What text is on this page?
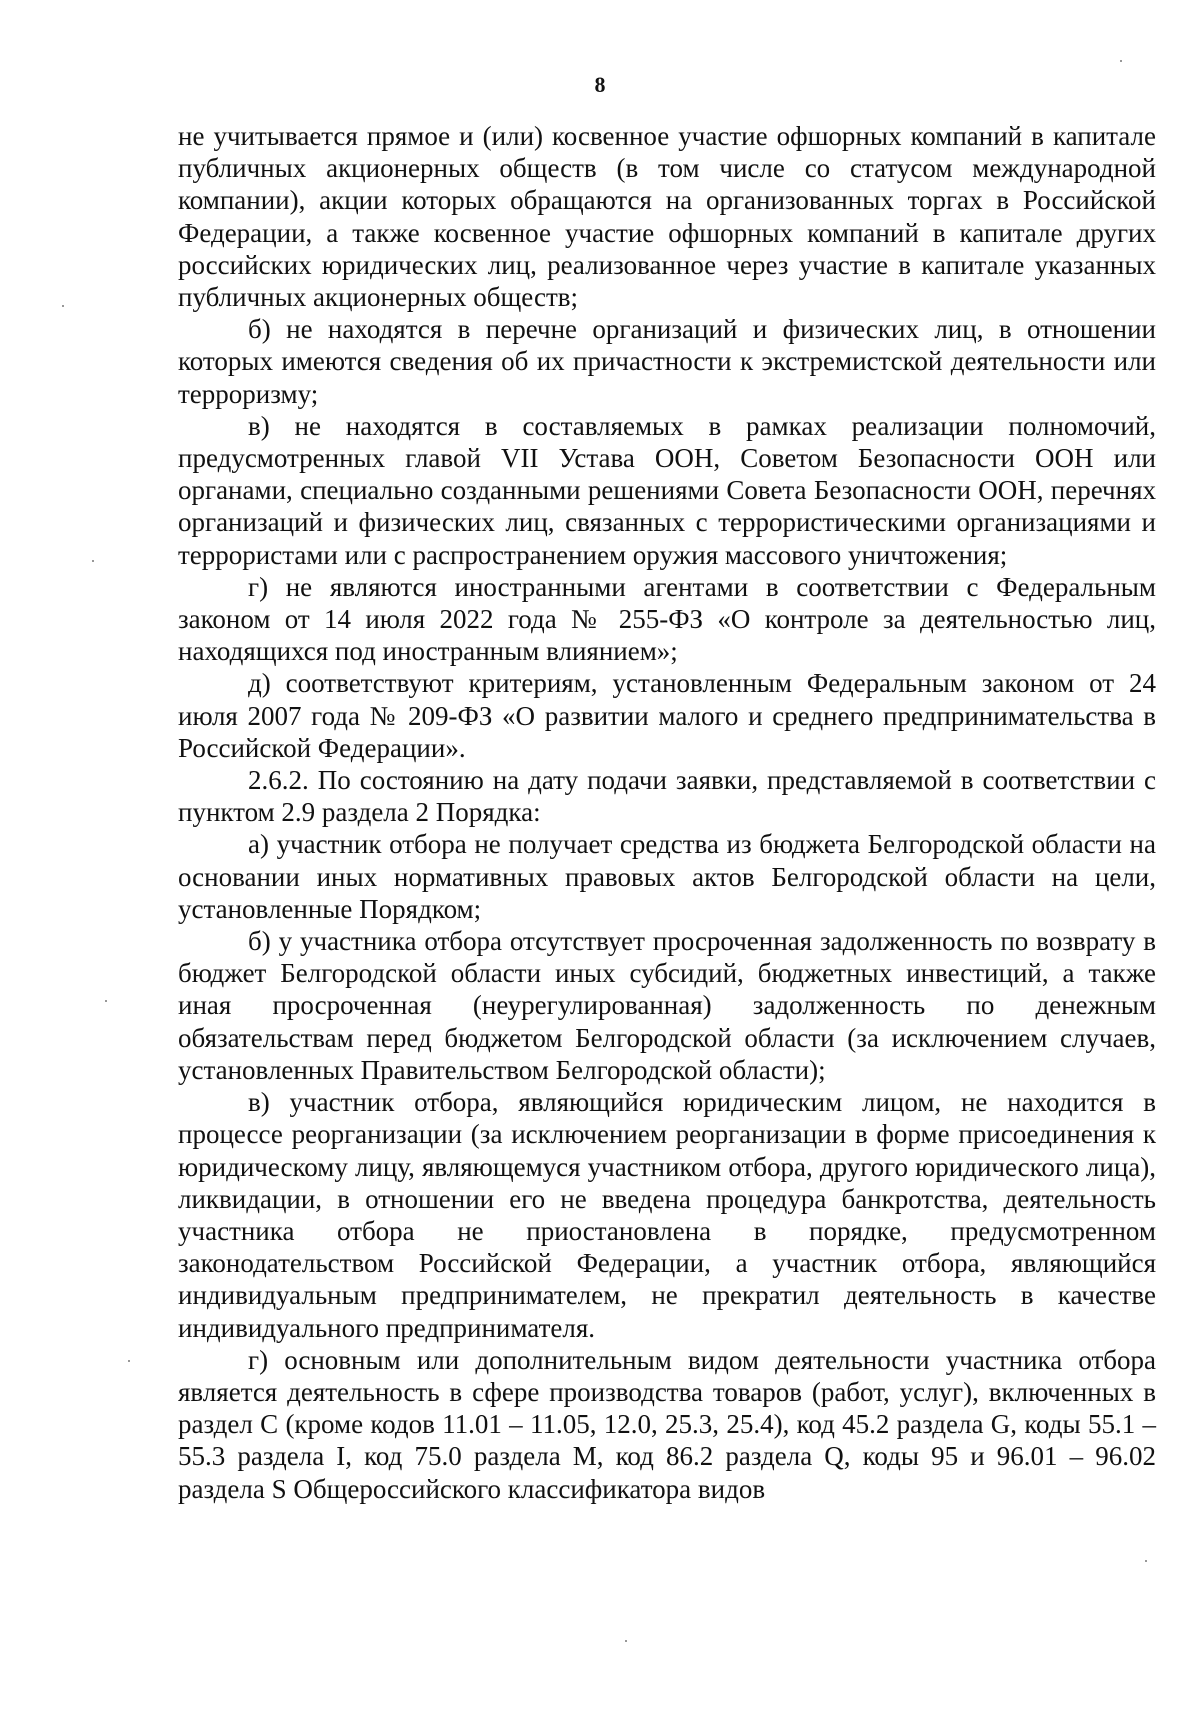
8

не учитывается прямое и (или) косвенное участие офшорных компаний в капитале публичных акционерных обществ (в том числе со статусом международной компании), акции которых обращаются на организованных торгах в Российской Федерации, а также косвенное участие офшорных компаний в капитале других российских юридических лиц, реализованное через участие в капитале указанных публичных акционерных обществ;

б) не находятся в перечне организаций и физических лиц, в отношении которых имеются сведения об их причастности к экстремистской деятельности или терроризму;

в) не находятся в составляемых в рамках реализации полномочий, предусмотренных главой VII Устава ООН, Советом Безопасности ООН или органами, специально созданными решениями Совета Безопасности ООН, перечнях организаций и физических лиц, связанных с террористическими организациями и террористами или с распространением оружия массового уничтожения;

г) не являются иностранными агентами в соответствии с Федеральным законом от 14 июля 2022 года № 255-ФЗ «О контроле за деятельностью лиц, находящихся под иностранным влиянием»;

д) соответствуют критериям, установленным Федеральным законом от 24 июля 2007 года № 209-ФЗ «О развитии малого и среднего предпринимательства в Российской Федерации».

2.6.2. По состоянию на дату подачи заявки, представляемой в соответствии с пунктом 2.9 раздела 2 Порядка:

а) участник отбора не получает средства из бюджета Белгородской области на основании иных нормативных правовых актов Белгородской области на цели, установленные Порядком;

б) у участника отбора отсутствует просроченная задолженность по возврату в бюджет Белгородской области иных субсидий, бюджетных инвестиций, а также иная просроченная (неурегулированная) задолженность по денежным обязательствам перед бюджетом Белгородской области (за исключением случаев, установленных Правительством Белгородской области);

в) участник отбора, являющийся юридическим лицом, не находится в процессе реорганизации (за исключением реорганизации в форме присоединения к юридическому лицу, являющемуся участником отбора, другого юридического лица), ликвидации, в отношении его не введена процедура банкротства, деятельность участника отбора не приостановлена в порядке, предусмотренном законодательством Российской Федерации, а участник отбора, являющийся индивидуальным предпринимателем, не прекратил деятельность в качестве индивидуального предпринимателя.

г) основным или дополнительным видом деятельности участника отбора является деятельность в сфере производства товаров (работ, услуг), включенных в раздел С (кроме кодов 11.01 – 11.05, 12.0, 25.3, 25.4), код 45.2 раздела G, коды 55.1 – 55.3 раздела I, код 75.0 раздела М, код 86.2 раздела Q, коды 95 и 96.01 – 96.02 раздела S Общероссийского классификатора видов
